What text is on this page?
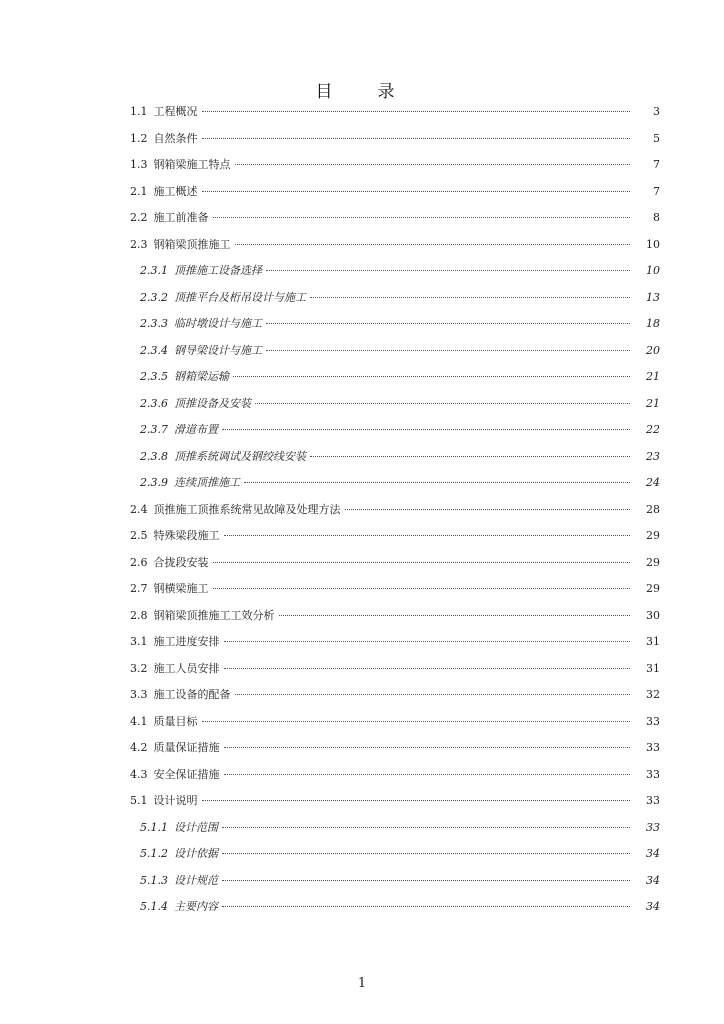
目　录
1.1 工程概况	3
1.2 自然条件	5
1.3 钢箱梁施工特点	7
2.1 施工概述	7
2.2 施工前准备	8
2.3 钢箱梁顶推施工	10
2.3.1 顶推施工设备选择	10
2.3.2 顶推平台及桁吊设计与施工	13
2.3.3 临时墩设计与施工	18
2.3.4 钢导梁设计与施工	20
2.3.5 钢箱梁运输	21
2.3.6 顶推设备及安装	21
2.3.7 滑道布置	22
2.3.8 顶推系统调试及钢绞线安装	23
2.3.9 连续顶推施工	24
2.4 顶推施工顶推系统常见故障及处理方法	28
2.5 特殊梁段施工	29
2.6 合拢段安装	29
2.7 钢横梁施工	29
2.8 钢箱梁顶推施工工效分析	30
3.1 施工进度安排	31
3.2 施工人员安排	31
3.3 施工设备的配备	32
4.1 质量目标	33
4.2 质量保证措施	33
4.3 安全保证措施	33
5.1 设计说明	33
5.1.1 设计范围	33
5.1.2 设计依据	34
5.1.3 设计规范	34
5.1.4 主要内容	34
1
